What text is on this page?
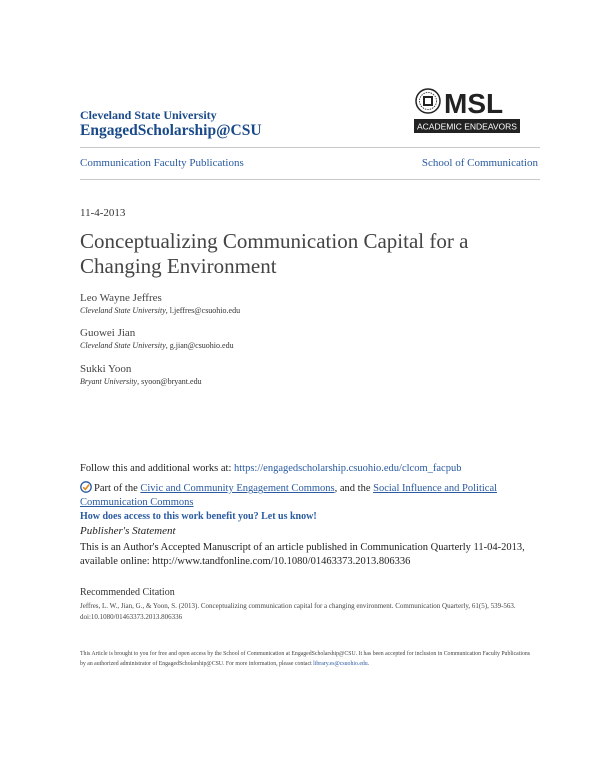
Cleveland State University
EngagedScholarship@CSU
MSL
ACADEMIC ENDEAVORS
Communication Faculty Publications	School of Communication
11-4-2013
Conceptualizing Communication Capital for a Changing Environment
Leo Wayne Jeffres
Cleveland State University, l.jeffres@csuohio.edu
Guowei Jian
Cleveland State University, g.jian@csuohio.edu
Sukki Yoon
Bryant University, syoon@bryant.edu
Follow this and additional works at: https://engagedscholarship.csuohio.edu/clcom_facpub
Part of the Civic and Community Engagement Commons, and the Social Influence and Political Communication Commons
How does access to this work benefit you? Let us know!
Publisher's Statement
This is an Author's Accepted Manuscript of an article published in Communication Quarterly 11-04-2013, available online: http://www.tandfonline.com/10.1080/01463373.2013.806336
Recommended Citation
Jeffres, L. W., Jian, G., & Yoon, S. (2013). Conceptualizing communication capital for a changing environment. Communication Quarterly, 61(5), 539-563. doi:10.1080/01463373.2013.806336
This Article is brought to you for free and open access by the School of Communication at EngagedScholarship@CSU. It has been accepted for inclusion in Communication Faculty Publications by an authorized administrator of EngagedScholarship@CSU. For more information, please contact library.es@csuohio.edu.
